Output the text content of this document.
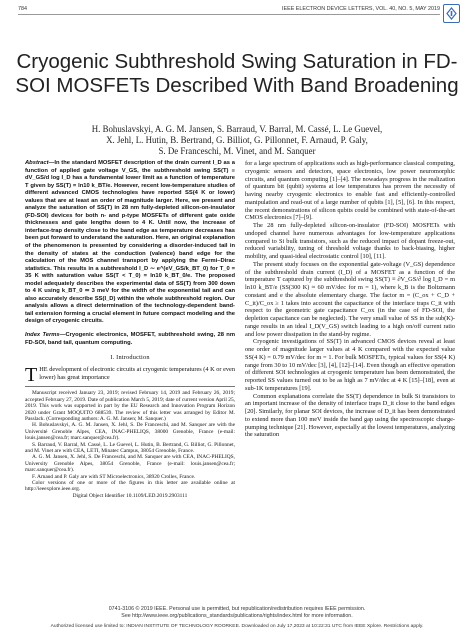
784	IEEE ELECTRON DEVICE LETTERS, VOL. 40, NO. 5, MAY 2019
Cryogenic Subthreshold Swing Saturation in FD-SOI MOSFETs Described With Band Broadening
H. Bohuslavskyi, A. G. M. Jansen, S. Barraud, V. Barral, M. Cassé, L. Le Guevel,
X. Jehl, L. Hutin, B. Bertrand, G. Billiot, G. Pillonnet, F. Arnaud, P. Galy,
S. De Franceschi, M. Vinet, and M. Sanquer
Abstract—In the standard MOSFET description of the drain current I_D as a function of applied gate voltage V_GS, the subthreshold swing SS(T) ≡ dV_GS/d log I_D has a fundamental lower limit as a function of temperature T given by SS(T) = ln10 k_BT/e. However, recent low-temperature studies of different advanced CMOS technologies have reported SS(4 K or lower) values that are at least an order of magnitude larger. Here, we present and analyze the saturation of SS(T) in 28 nm fully-depleted silicon-on-insulator (FD-SOI) devices for both n- and p-type MOSFETs of different gate oxide thicknesses and gate lengths down to 4 K. Until now, the increase of interface-trap density close to the band edge as temperature decreases has been put forward to understand the saturation. Here, an original explanation of the phenomenon is presented by considering a disorder-induced tail in the density of states at the conduction (valence) band edge for the calculation of the MOS channel transport by applying the Fermi–Dirac statistics. This results in a subthreshold I_D ∼ e^(eV_GS/k_BT_0) for T_0 = 35 K with saturation value SS(T < T_0) = ln10 k_BT_0/e. The proposed model adequately describes the experimental data of SS(T) from 300 down to 4 K using k_BT_0 ≃ 3 meV for the width of the exponential tail and can also accurately describe SS(I_D) within the whole subthreshold region. Our analysis allows a direct determination of the technology-dependent band-tail extension forming a crucial element in future compact modeling and the design of cryogenic circuits.
Index Terms—Cryogenic electronics, MOSFET, subthreshold swing, 28 nm FD-SOI, band tail, quantum computing.
I. Introduction
THE development of electronic circuits at cryogenic temperatures (4 K or even lower) has great importance
Manuscript received January 23, 2019; revised February 14, 2019 and February 26, 2019; accepted February 27, 2019. Date of publication March 5, 2019; date of current version April 25, 2019. This work was supported in part by the EU Research and Innovation Program Horizon 2020 under Grant MOQUITO 688539. The review of this letter was arranged by Editor M. Passlack. (Corresponding authors: A. G. M. Jansen; M. Sanquer.)
H. Bohuslavskyi, A. G. M. Jansen, X. Jehl, S. De Franceschi, and M. Sanquer are with the Université Grenoble Alpes, CEA, INAC-PHELIQS, 38000 Grenoble, France (e-mail: louis.jansen@cea.fr; marc.sanquer@cea.fr).
S. Barraud, V. Barral, M. Cassé, L. Le Guevel, L. Hutin, B. Bertrand, G. Billiot, G. Pillonnet, and M. Vinet are with CEA, LETI, Minatec Campus, 38054 Grenoble, France.
A. G. M. Jansen, X. Jehl, S. De Franceschi, and M. Sanquer are with CEA, INAC-PHELIQS, University Grenoble Alpes, 38054 Grenoble, France (e-mail: louis.jansen@cea.fr; marc.sanquer@cea.fr).
F. Arnaud and P. Galy are with ST Microelectronics, 38920 Crolles, France.
Color versions of one or more of the figures in this letter are available online at http://ieeexplore.ieee.org.
Digital Object Identifier 10.1109/LED.2019.2903111

for a large spectrum of applications such as high-performance classical computing, cryogenic sensors and detectors, space electronics, low power neuromorphic circuits, and quantum computing [1]–[4]. The nowadays progress in the realization of quantum bit (qubit) systems at low temperatures has proven the necessity of having nearby cryogenic electronics to enable fast and efficiently-controlled manipulation and read-out of a large number of qubits [1], [5], [6]. In this respect, the recent demonstrations of silicon qubits could be combined with state-of-the-art CMOS electronics [7]–[9].

The 28 nm fully-depleted silicon-on-insulator (FD-SOI) MOSFETs with undoped channel have numerous advantages for low-temperature applications compared to Si bulk transistors, such as the reduced impact of dopant freeze-out, reduced variability, tuning of threshold voltage thanks to back-biasing, higher mobility, and quasi-ideal electrostatic control [10], [11].

The present study focuses on the exponential gate-voltage (V_GS) dependence of the subthreshold drain current (I_D) of a MOSFET as a function of the temperature T captured by the subthreshold swing SS(T) ≡ ∂V_GS/∂ log I_D = m ln10 k_BT/e (SS(300 K) ≈ 60 mV/dec for m = 1), where k_B is the Boltzmann constant and e the absolute elementary charge. The factor m = (C_ox + C_D + C_it)/C_ox ≥ 1 takes into account the capacitance of the interface traps C_it with respect to the geometric gate capacitance C_ox (in the case of FD-SOI, the depletion capacitance can be neglected). The very small value of SS in the sub(K)-range results in an ideal I_D(V_GS) switch leading to a high on/off current ratio and low power dissipation in the stand-by regime.

Cryogenic investigations of SS(T) in advanced CMOS devices reveal at least one order of magnitude larger values at 4 K compared with the expected value SS(4 K) = 0.79 mV/dec for m = 1. For bulk MOSFETs, typical values for SS(4 K) range from 30 to 10 mV/dec [3], [4], [12]–[14]. Even though an effective operation of different SOI technologies at cryogenic temperature has been demonstrated, the reported SS values turned out to be as high as 7 mV/dec at 4 K [15]–[18], even at sub-1K temperatures [19].

Common explanations correlate the SS(T) dependence in bulk Si transistors to an important increase of the density of interface traps D_it close to the band edges [20]. Similarly, for planar SOI devices, the increase of D_it has been demonstrated to extend more than 100 meV inside the band gap using the spectroscopic charge-pumping technique [21]. However, especially at the lowest temperatures, analyzing the saturation

0741-3106 © 2019 IEEE. Personal use is permitted, but republication/redistribution requires IEEE permission.
See http://www.ieee.org/publications_standards/publications/rights/index.html for more information.
Authorized licensed use limited to: INDIAN INSTITUTE OF TECHNOLOGY ROORKEE. Downloaded on July 17,2023 at 10:22:31 UTC from IEEE Xplore. Restrictions apply.
